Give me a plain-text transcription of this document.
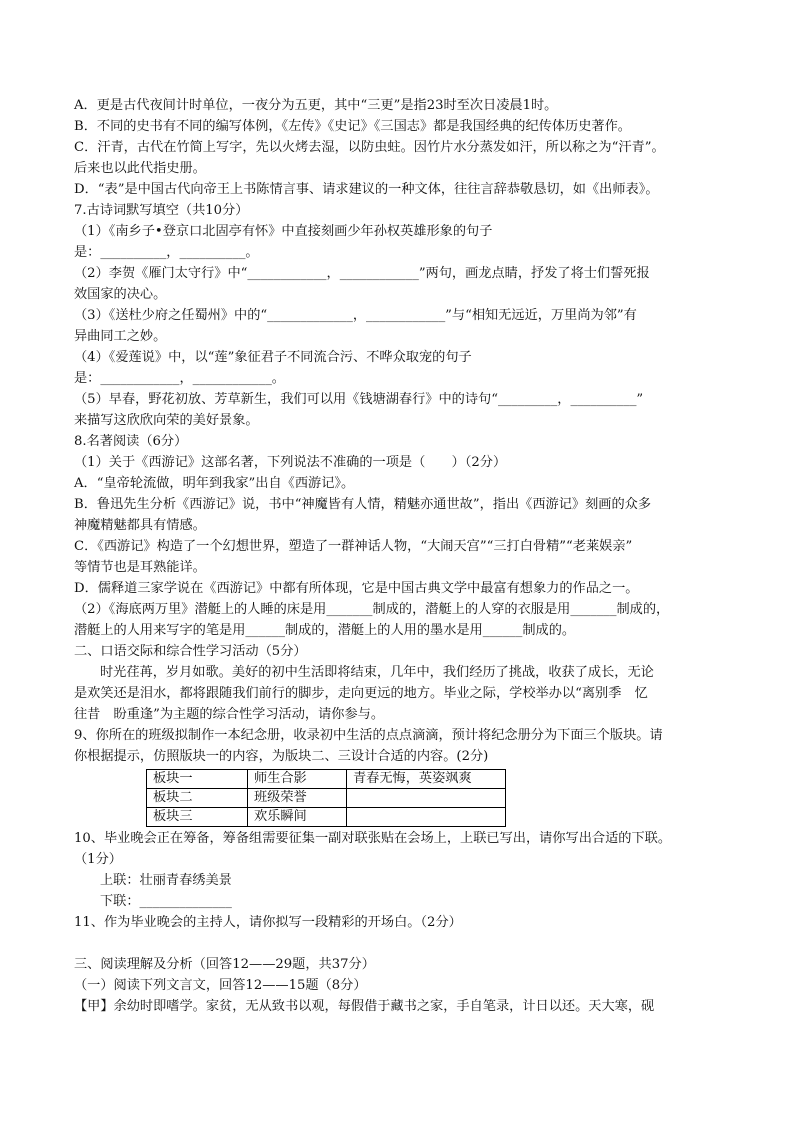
A．更是古代夜间计时单位，一夜分为五更，其中“三更”是指23时至次日凌晨1时。
B．不同的史书有不同的编写体例，《左传》《史记》《三国志》都是我国经典的纪传体历史著作。
C．汗青，古代在竹简上写字，先以火烤去湿，以防虫蛀。因竹片水分蒸发如汗，所以称之为“汗青”。
后来也以此代指史册。
D．“表”是中国古代向帝王上书陈情言事、请求建议的一种文体，往往言辞恭敬恳切，如《出师表》。
7.古诗词默写填空（共10分）
（1）《南乡子•登京口北固亭有怀》中直接刻画少年孙权英雄形象的句子
是：__________，__________。
（2）李贺《雁门太守行》中“____________，____________”两句，画龙点睛，抒发了将士们誓死报
效国家的决心。
（3）《送杜少府之任蜀州》中的“_____________，____________”与“相知无远近，万里尚为邻”有
异曲同工之妙。
（4）《爱莲说》中，以“莲”象征君子不同流合污、不哗众取宠的句子
是：____________，____________。
（5）早春，野花初放、芳草新生，我们可以用《钱塘湖春行》中的诗句“_________，__________”
来描写这欣欣向荣的美好景象。
8.名著阅读（6分）
（1）关于《西游记》这部名著，下列说法不准确的一项是（　　）（2分）
A．“皇帝轮流做，明年到我家”出自《西游记》。
B．鲁迅先生分析《西游记》说，书中“神魔皆有人情，精魅亦通世故”，指出《西游记》刻画的众多
神魔精魅都具有情感。
C．《西游记》构造了一个幻想世界，塑造了一群神话人物，“大闹天宫”“三打白骨精”“老莱娱亲”
等情节也是耳熟能详。
D．儒释道三家学说在《西游记》中都有所体现，它是中国古典文学中最富有想象力的作品之一。
（2）《海底两万里》潜艇上的人睡的床是用_______制成的，潜艇上的人穿的衣服是用_______制成的，
潜艇上的人用来写字的笔是用______制成的，潜艇上的人用的墨水是用______制成的。
二、口语交际和综合性学习活动（5分）
时光荏苒，岁月如歌。美好的初中生活即将结束，几年中，我们经历了挑战，收获了成长，无论
是欢笑还是泪水，都将跟随我们前行的脚步，走向更远的地方。毕业之际，学校举办以“离别季　忆
往昔　盼重逢”为主题的综合性学习活动，请你参与。
9、你所在的班级拟制作一本纪念册，收录初中生活的点点滴滴，预计将纪念册分为下面三个版块。请
你根据提示，仿照版块一的内容，为版块二、三设计合适的内容。(2分)
板块一	师生合影	青春无悔，英姿飒爽
板块二	班级荣誉	
板块三	欢乐瞬间	
10、毕业晚会正在筹备，筹备组需要征集一副对联张贴在会场上，上联已写出，请你写出合适的下联。
（1分）
上联：壮丽青春绣美景
下联：______________
11、作为毕业晚会的主持人，请你拟写一段精彩的开场白。（2分）
三、阅读理解及分析（回答12——29题，共37分）
（一）阅读下列文言文，回答12——15题（8分）
【甲】余幼时即嗜学。家贫，无从致书以观，每假借于藏书之家，手自笔录，计日以还。天大寒，砚
